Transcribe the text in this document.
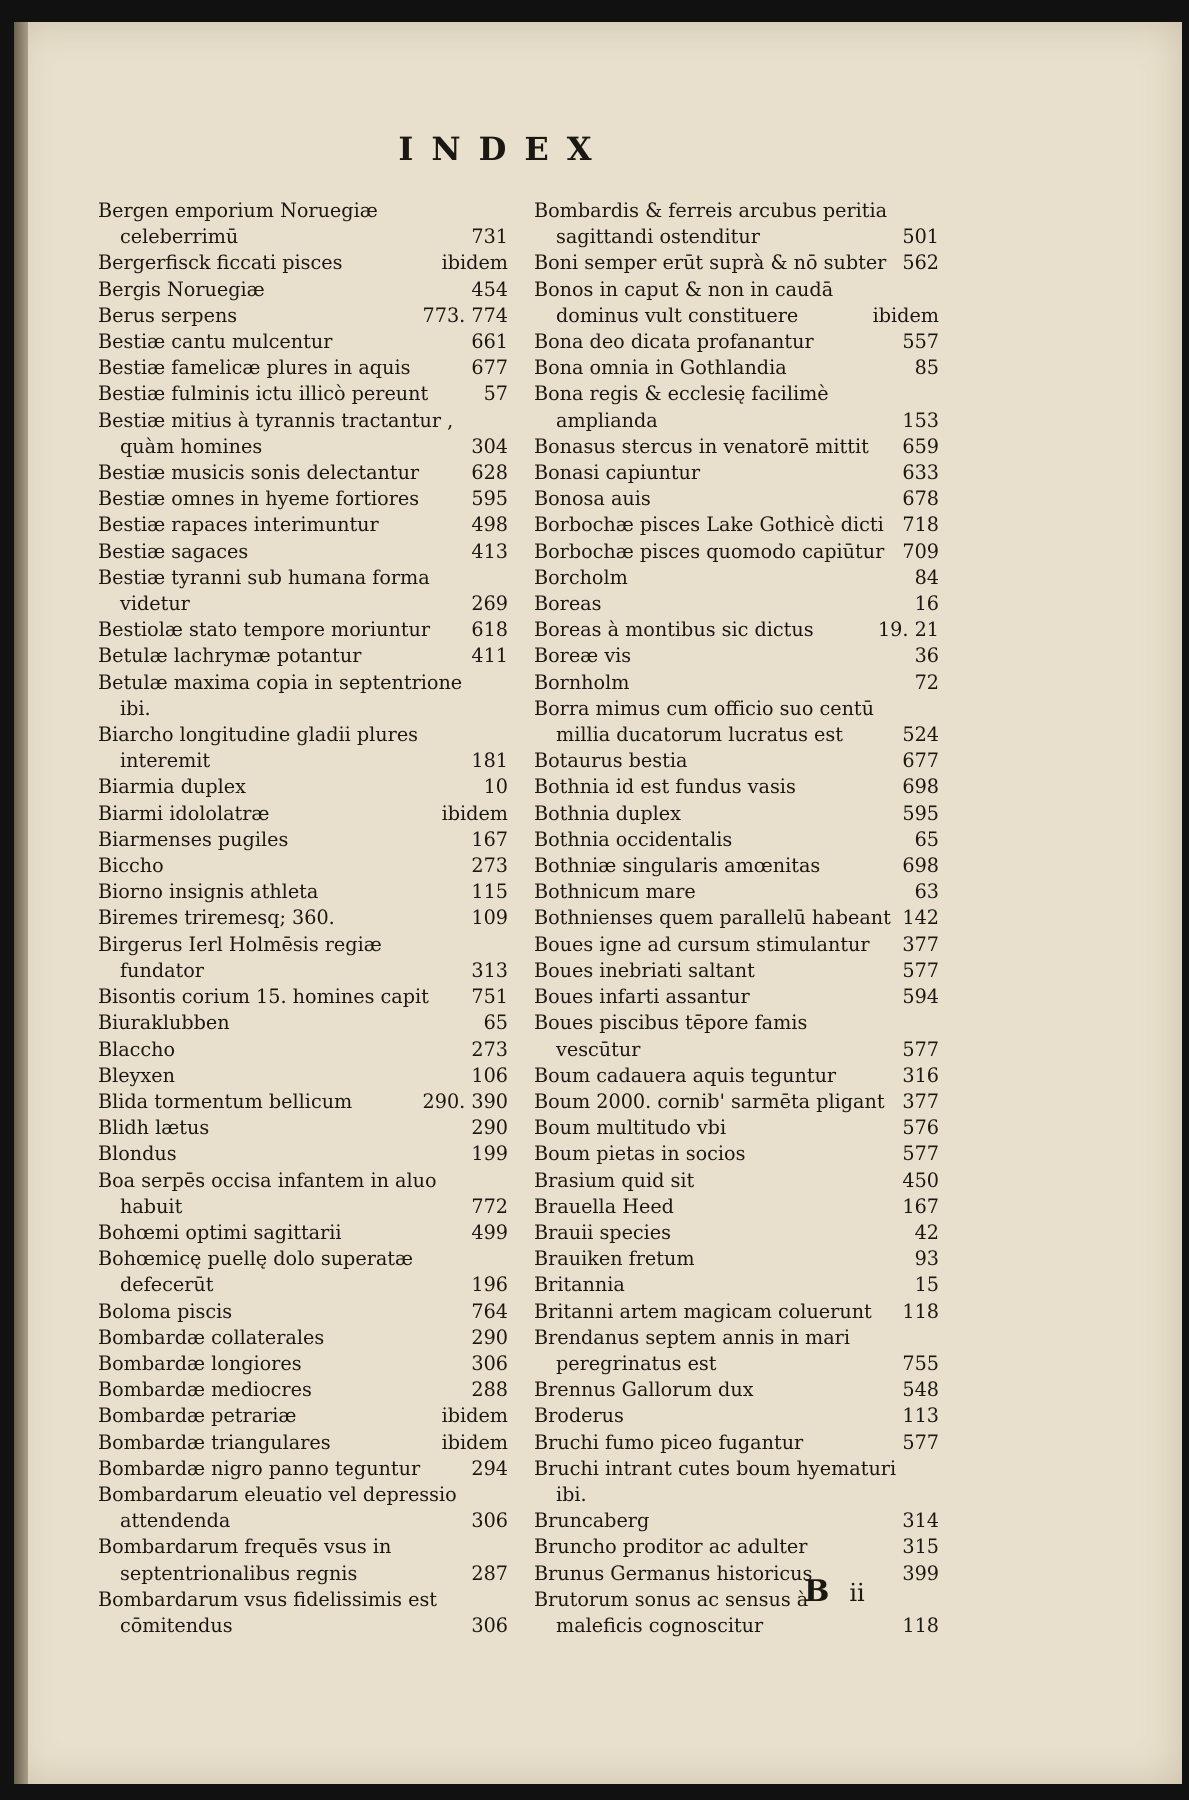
INDEX
Bergen emporium Noruegiæ celeberrimū	731
Bergerfisck ficcati pisces	ibidem
Bergis Noruegiæ	454
Berus serpens	773. 774
Bestiæ cantu mulcentur	661
Bestiæ famelicæ plures in aquis	677
Bestiæ fulminis ictu illicò pereunt	57
Bestiæ mitius à tyrannis tractantur , quàm homines	304
Bestiæ musicis sonis delectantur	628
Bestiæ omnes in hyeme fortiores	595
Bestiæ rapaces interimuntur	498
Bestiæ sagaces	413
Bestiæ tyranni sub humana forma videtur	269
Bestiolæ stato tempore moriuntur	618
Betulæ lachrymæ potantur	411
Betulæ maxima copia in septentrione ibi.
Biarcho longitudine gladii plures interemit	181
Biarmia duplex	10
Biarmi idololatræ	ibidem
Biarmenses pugiles	167
Biccho	273
Biorno insignis athleta	115
Biremes triremesq; 360.	109
Birgerus Ierl Holmēsis regiæ fundator	313
Bisontis corium 15. homines capit	751
Biuraklubben	65
Blaccho	273
Bleyxen	106
Blida tormentum bellicum	290. 390
Blidh lætus	290
Blondus	199
Boa serpēs occisa infantem in aluo habuit	772
Bohœmi optimi sagittarii	499
Bohœmicę puellę dolo superatæ defecerūt	196
Boloma piscis	764
Bombardæ collaterales	290
Bombardæ longiores	306
Bombardæ mediocres	288
Bombardæ petrariæ	ibidem
Bombardæ triangulares	ibidem
Bombardæ nigro panno teguntur	294
Bombardarum eleuatio vel depressio attendenda	306
Bombardarum frequēs vsus in septentrionalibus regnis	287
Bombardarum vsus fidelissimis est cōmitendus	306
Bombardis & ferreis arcubus peritia sagittandi ostenditur	501
Boni semper erūt suprà & nō subter 562
Bonos in caput & non in caudā dominus vult constituere	ibidem
Bona deo dicata profanantur	557
Bona omnia in Gothlandia	85
Bona regis & ecclesię facilimè amplianda	153
Bonasus stercus in venatorē mittit	659
Bonasi capiuntur	633
Bonosa auis	678
Borbochæ pisces Lake Gothicè dicti 718
Borbochæ pisces quomodo capiūtur 709
Borcholm	84
Boreas	16
Boreas à montibus sic dictus	19. 21
Boreæ vis	36
Bornholm	72
Borra mimus cum officio suo centū millia ducatorum lucratus est	524
Botaurus bestia	677
Bothnia id est fundus vasis	698
Bothnia duplex	595
Bothnia occidentalis	65
Bothniæ singularis amœnitas	698
Bothnicum mare	63
Bothnienses quem parallelū habeant 142
Boues igne ad cursum stimulantur	377
Boues inebriati saltant	577
Boues infarti assantur	594
Boues piscibus tēpore famis vescūtur	577
Boum cadauera aquis teguntur	316
Boum 2000. cornib' sarmēta pligant 377
Boum multitudo vbi	576
Boum pietas in socios	577
Brasium quid sit	450
Brauella Heed	167
Brauii species	42
Brauiken fretum	93
Britannia	15
Britanni artem magicam coluerunt	118
Brendanus septem annis in mari peregrinatus est	755
Brennus Gallorum dux	548
Broderus	113
Bruchi fumo piceo fugantur	577
Bruchi intrant cutes boum hyematuri ibi.
Bruncaberg	314
Bruncho proditor ac adulter	315
Brunus Germanus historicus	399
Brutorum sonus ac sensus à maleficis cognoscitur	118
B ii
